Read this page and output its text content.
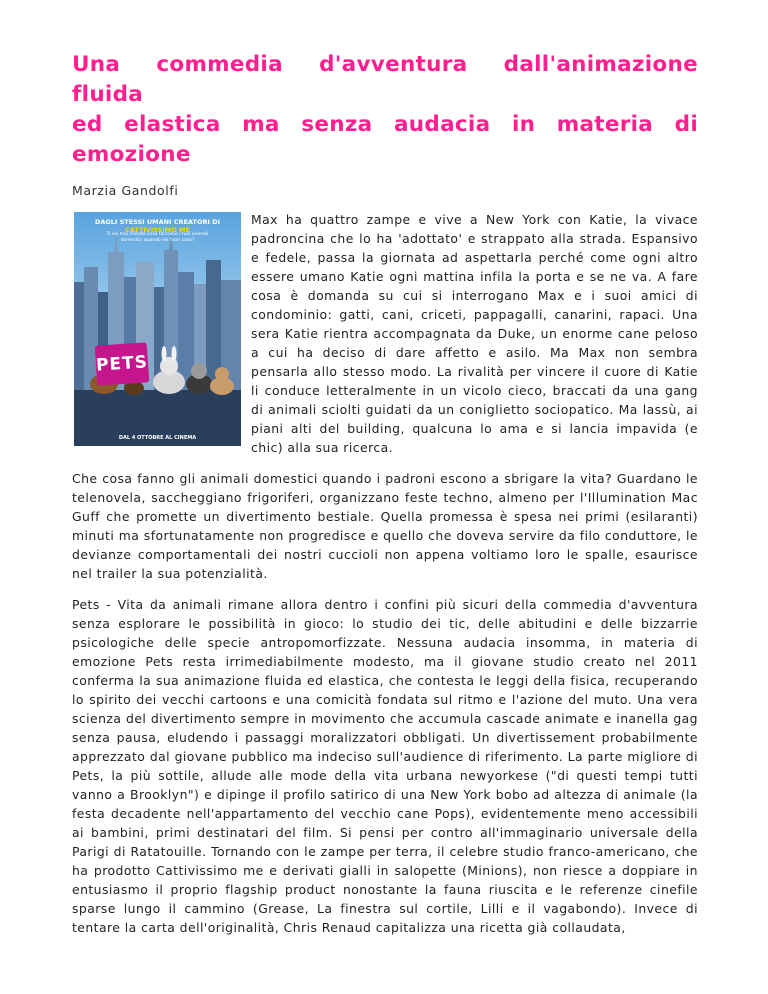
Una commedia d'avventura dall'animazione fluida
ed elastica ma senza audacia in materia di emozione
Marzia Gandolfi
DAGLI STESSI UMANI CREATORI DI CATTIVISSIMO ME
Ti sei mai chiesto cosa facciano i tuoi animali domestici quando sei fuori casa?
PETS
DAL 4 OTTOBRE AL CINEMA

Max ha quattro zampe e vive a New York con Katie, la vivace padroncina che lo ha 'adottato' e strappato alla strada. Espansivo e fedele, passa la giornata ad aspettarla perché come ogni altro essere umano Katie ogni mattina infila la porta e se ne va. A fare cosa è domanda su cui si interrogano Max e i suoi amici di condominio: gatti, cani, criceti, pappagalli, canarini, rapaci. Una sera Katie rientra accompagnata da Duke, un enorme cane peloso a cui ha deciso di dare affetto e asilo. Ma Max non sembra pensarla allo stesso modo. La rivalità per vincere il cuore di Katie li conduce letteralmente in un vicolo cieco, braccati da una gang di animali sciolti guidati da un coniglietto sociopatico. Ma lassù, ai piani alti del building, qualcuna lo ama e si lancia impavida (e chic) alla sua ricerca.

Che cosa fanno gli animali domestici quando i padroni escono a sbrigare la vita? Guardano le telenovela, saccheggiano frigoriferi, organizzano feste techno, almeno per l'Illumination Mac Guff che promette un divertimento bestiale. Quella promessa è spesa nei primi (esilaranti) minuti ma sfortunatamente non progredisce e quello che doveva servire da filo conduttore, le devianze comportamentali dei nostri cuccioli non appena voltiamo loro le spalle, esaurisce nel trailer la sua potenzialità.

Pets - Vita da animali rimane allora dentro i confini più sicuri della commedia d'avventura senza esplorare le possibilità in gioco: lo studio dei tic, delle abitudini e delle bizzarrie psicologiche delle specie antropomorfizzate. Nessuna audacia insomma, in materia di emozione Pets resta irrimediabilmente modesto, ma il giovane studio creato nel 2011 conferma la sua animazione fluida ed elastica, che contesta le leggi della fisica, recuperando lo spirito dei vecchi cartoons e una comicità fondata sul ritmo e l'azione del muto. Una vera scienza del divertimento sempre in movimento che accumula cascade animate e inanella gag senza pausa, eludendo i passaggi moralizzatori obbligati. Un divertissement probabilmente apprezzato dal giovane pubblico ma indeciso sull'audience di riferimento. La parte migliore di Pets, la più sottile, allude alle mode della vita urbana newyorkese ("di questi tempi tutti vanno a Brooklyn") e dipinge il profilo satirico di una New York bobo ad altezza di animale (la festa decadente nell'appartamento del vecchio cane Pops), evidentemente meno accessibili ai bambini, primi destinatari del film. Si pensi per contro all'immaginario universale della Parigi di Ratatouille. Tornando con le zampe per terra, il celebre studio franco-americano, che ha prodotto Cattivissimo me e derivati gialli in salopette (Minions), non riesce a doppiare in entusiasmo il proprio flagship product nonostante la fauna riuscita e le referenze cinefile sparse lungo il cammino (Grease, La finestra sul cortile, Lilli e il vagabondo). Invece di tentare la carta dell'originalità, Chris Renaud capitalizza una ricetta già collaudata,
